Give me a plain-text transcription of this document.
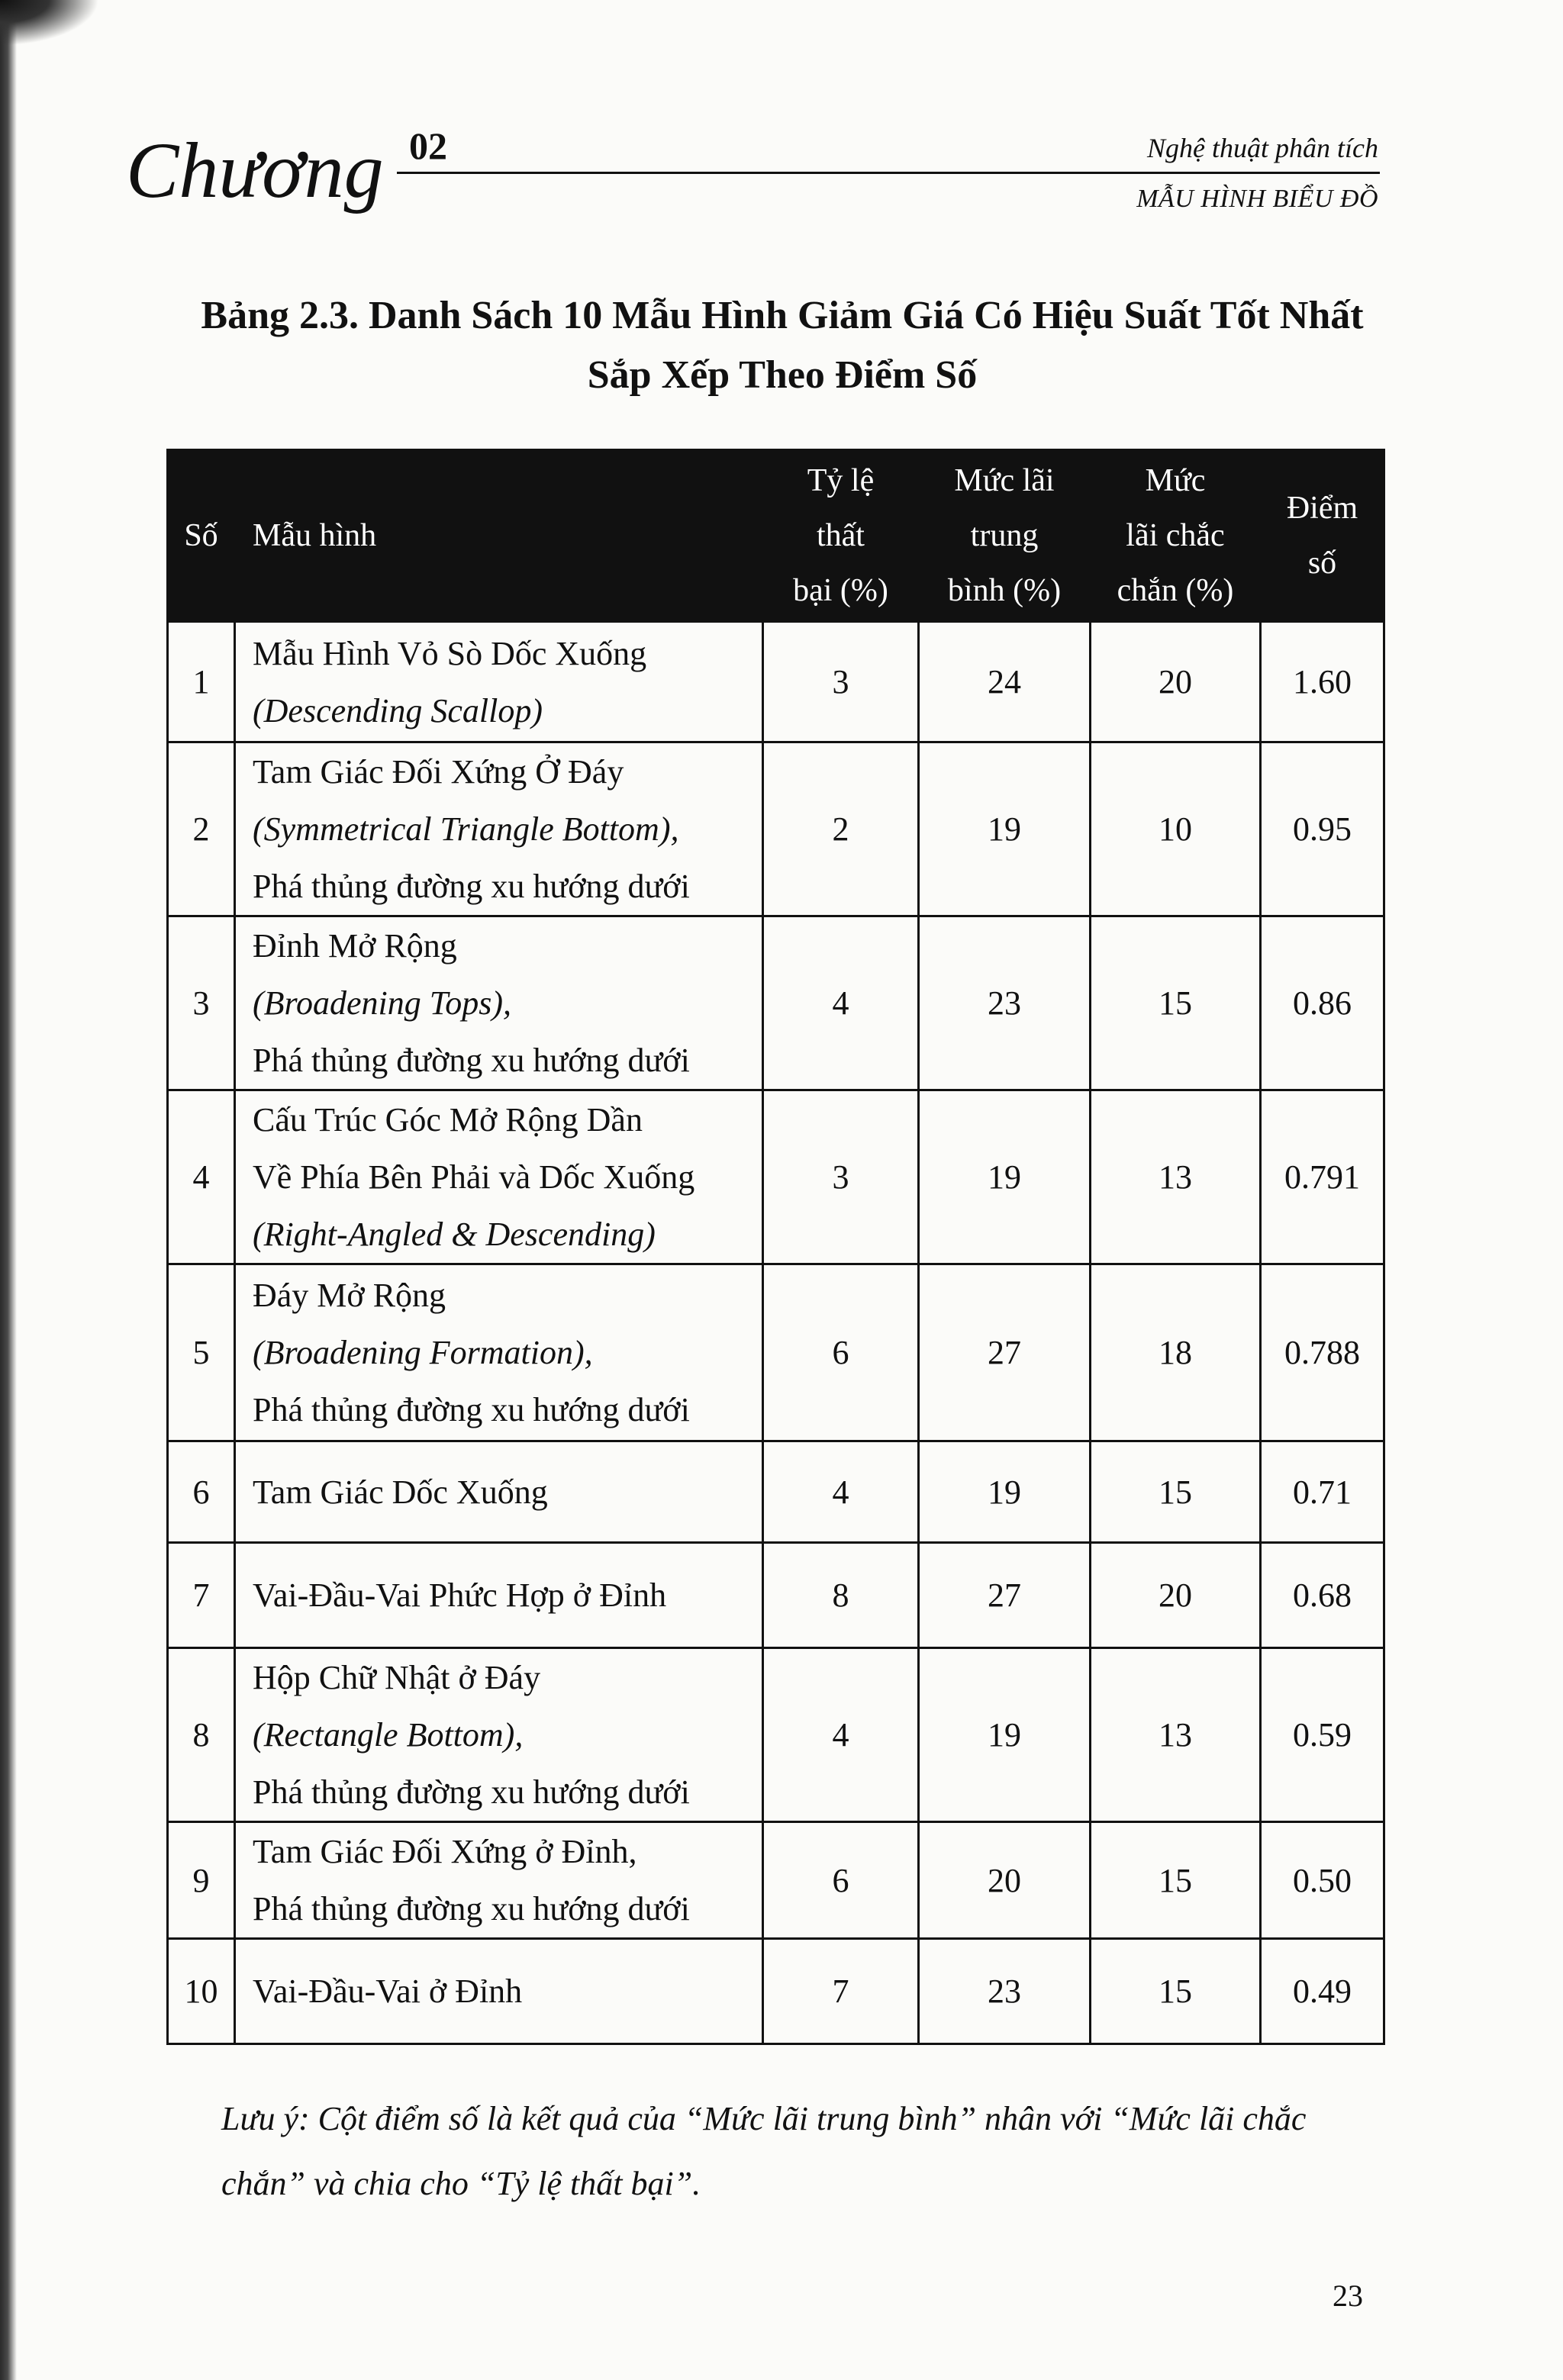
Chương 02	Nghệ thuật phân tích
MẪU HÌNH BIỂU ĐỒ
Bảng 2.3. Danh Sách 10 Mẫu Hình Giảm Giá Có Hiệu Suất Tốt Nhất
Sắp Xếp Theo Điểm Số
Số	Mẫu hình	Tỷ lệ
thất
bại (%)	Mức lãi
trung
bình (%)	Mức
lãi chắc
chắn (%)	Điểm
số

1	Mẫu Hình Vỏ Sò Dốc Xuống
(Descending Scallop)	3	24	20	1.60
2	Tam Giác Đối Xứng Ở Đáy
(Symmetrical Triangle Bottom),
Phá thủng đường xu hướng dưới	2	19	10	0.95
3	Đỉnh Mở Rộng
(Broadening Tops),
Phá thủng đường xu hướng dưới	4	23	15	0.86
4	Cấu Trúc Góc Mở Rộng Dần
Về Phía Bên Phải và Dốc Xuống
(Right-Angled & Descending)	3	19	13	0.791
5	Đáy Mở Rộng
(Broadening Formation),
Phá thủng đường xu hướng dưới	6	27	18	0.788
6	Tam Giác Dốc Xuống	4	19	15	0.71
7	Vai-Đầu-Vai Phức Hợp ở Đỉnh	8	27	20	0.68
8	Hộp Chữ Nhật ở Đáy
(Rectangle Bottom),
Phá thủng đường xu hướng dưới	4	19	13	0.59
9	Tam Giác Đối Xứng ở Đỉnh,
Phá thủng đường xu hướng dưới	6	20	15	0.50
10	Vai-Đầu-Vai ở Đỉnh	7	23	15	0.49
Lưu ý: Cột điểm số là kết quả của “Mức lãi trung bình” nhân với “Mức lãi chắc chắn” và chia cho “Tỷ lệ thất bại”.
23
